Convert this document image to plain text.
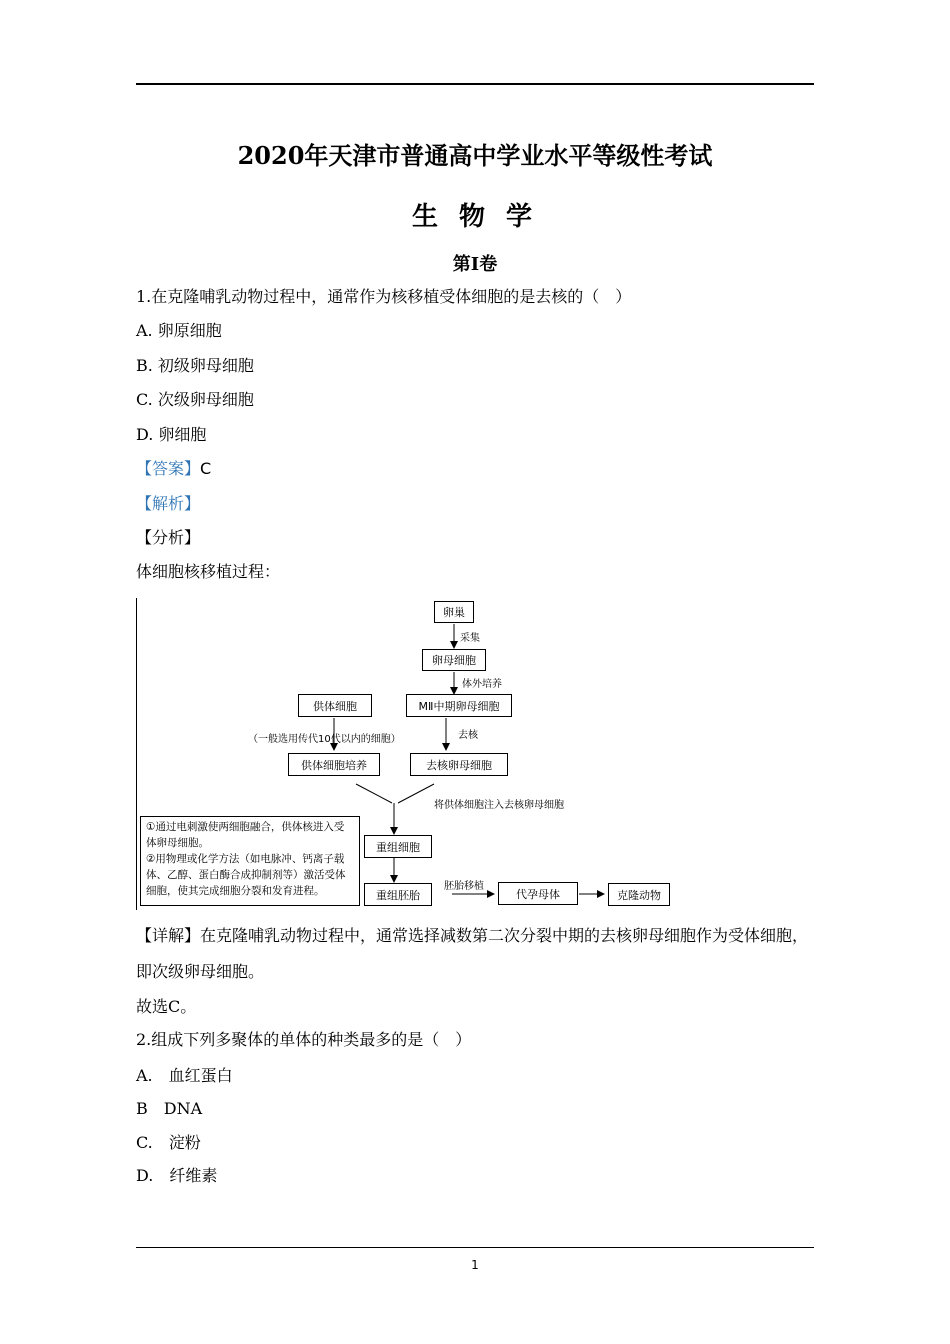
2020年天津市普通高中学业水平等级性考试
生 物 学
第Ⅰ卷
1.在克隆哺乳动物过程中，通常作为核移植受体细胞的是去核的（　）
A. 卵原细胞
B. 初级卵母细胞
C. 次级卵母细胞
D. 卵细胞
【答案】C
【解析】
【分析】
体细胞核移植过程：
卵巢
采集
卵母细胞
体外培养
MⅡ中期卵母细胞
去核
供体细胞
（一般选用传代10代以内的细胞）
供体细胞培养	去核卵母细胞
将供体细胞注入去核卵母细胞
①通过电刺激使两细胞融合，供体核进入受
体卵母细胞。
②用物理或化学方法（如电脉冲、钙离子载
体、乙醇、蛋白酶合成抑制剂等）激活受体
细胞，使其完成细胞分裂和发育进程。
重组细胞
重组胚胎
胚胎移植
代孕母体	克隆动物
【详解】在克隆哺乳动物过程中，通常选择减数第二次分裂中期的去核卵母细胞作为受体细胞，
即次级卵母细胞。
故选C。
2.组成下列多聚体的单体的种类最多的是（　）
A.　血红蛋白
B　DNA
C.　淀粉
D.　纤维素
1
